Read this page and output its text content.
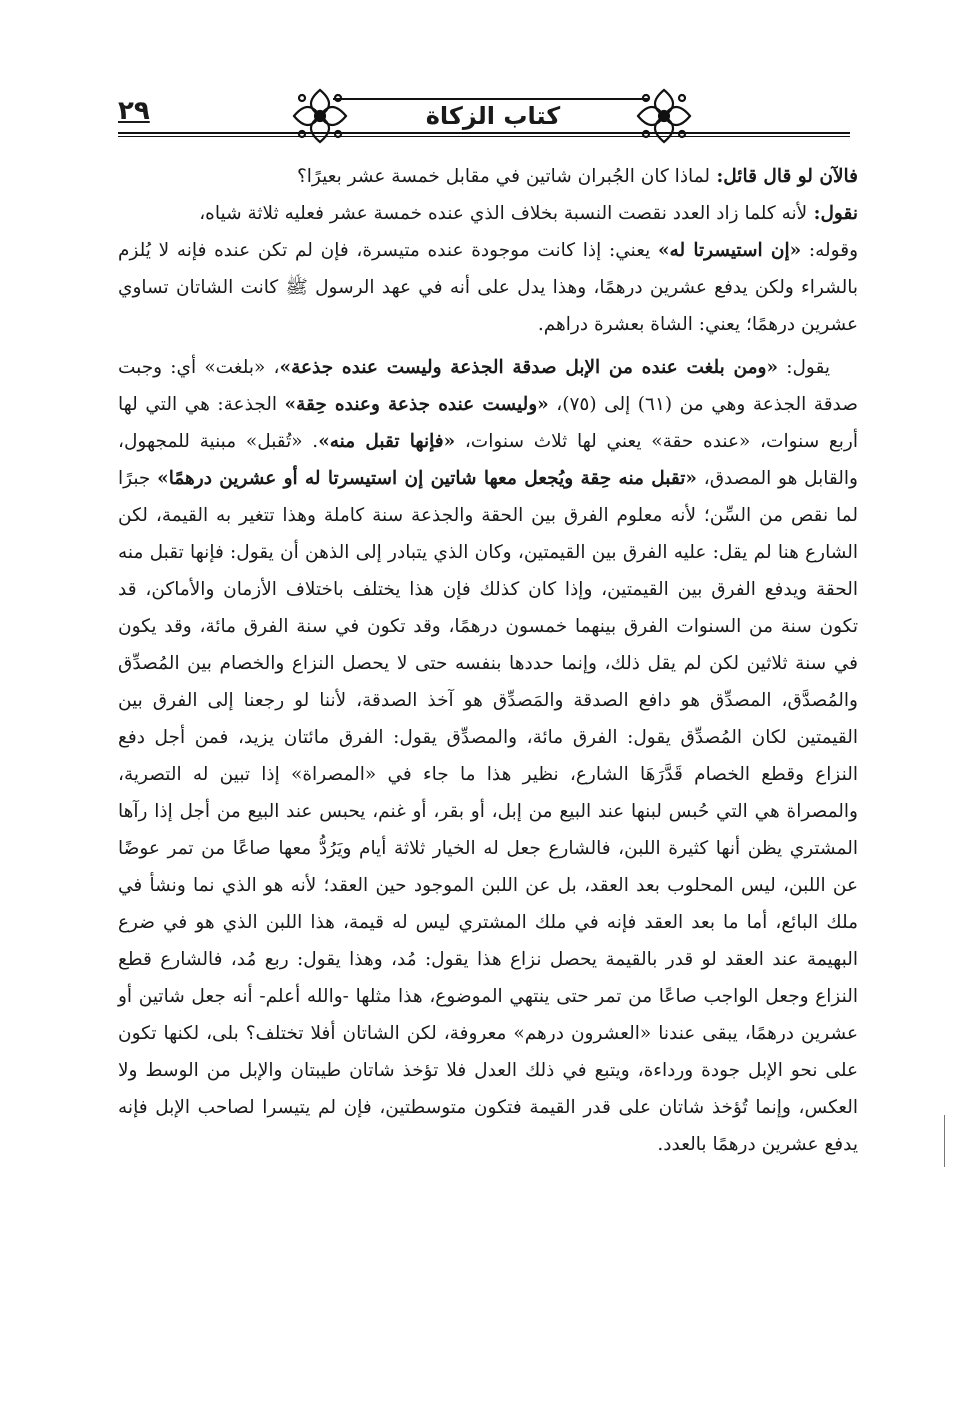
٢٩	كتاب الزكاة

فالآن لو قال قائل: لماذا كان الجُبران شاتين في مقابل خمسة عشر بعيرًا؟

نقول: لأنه كلما زاد العدد نقصت النسبة بخلاف الذي عنده خمسة عشر فعليه ثلاثة شياه،

وقوله: «إن استيسرتا له» يعني: إذا كانت موجودة عنده متيسرة، فإن لم تكن عنده فإنه لا يُلزم بالشراء ولكن يدفع عشرين درهمًا، وهذا يدل على أنه في عهد الرسول ﷺ كانت الشاتان تساوي عشرين درهمًا؛ يعني: الشاة بعشرة دراهم.

يقول: «ومن بلغت عنده من الإبل صدقة الجذعة وليست عنده جذعة»، «بلغت» أي: وجبت صدقة الجذعة وهي من (٦١) إلى (٧٥)، «وليست عنده جذعة وعنده حِقة» الجذعة: هي التي لها أربع سنوات، «عنده حقة» يعني لها ثلاث سنوات، «فإنها تقبل منه». «تُقبل» مبنية للمجهول، والقابل هو المصدق، «تقبل منه حِقة ويُجعل معها شاتين إن استيسرتا له أو عشرين درهمًا» جبرًا لما نقص من السِّن؛ لأنه معلوم الفرق بين الحقة والجذعة سنة كاملة وهذا تتغير به القيمة، لكن الشارع هنا لم يقل: عليه الفرق بين القيمتين، وكان الذي يتبادر إلى الذهن أن يقول: فإنها تقبل منه الحقة ويدفع الفرق بين القيمتين، وإذا كان كذلك فإن هذا يختلف باختلاف الأزمان والأماكن، قد تكون سنة من السنوات الفرق بينهما خمسون درهمًا، وقد تكون في سنة الفرق مائة، وقد يكون في سنة ثلاثين لكن لم يقل ذلك، وإنما حددها بنفسه حتى لا يحصل النزاع والخصام بين المُصدِّق والمُصدَّق، المصدِّق هو دافع الصدقة والمَصدِّق هو آخذ الصدقة، لأننا لو رجعنا إلى الفرق بين القيمتين لكان المُصدِّق يقول: الفرق مائة، والمصدِّق يقول: الفرق مائتان يزيد، فمن أجل دفع النزاع وقطع الخصام قَدَّرَهَا الشارع، نظير هذا ما جاء في «المصراة» إذا تبين له التصرية، والمصراة هي التي حُبس لبنها عند البيع من إبل، أو بقر، أو غنم، يحبس عند البيع من أجل إذا رآها المشتري يظن أنها كثيرة اللبن، فالشارع جعل له الخيار ثلاثة أيام ويَرُدُّ معها صاعًا من تمر عوضًا عن اللبن، ليس المحلوب بعد العقد، بل عن اللبن الموجود حين العقد؛ لأنه هو الذي نما ونشأ في ملك البائع، أما ما بعد العقد فإنه في ملك المشتري ليس له قيمة، هذا اللبن الذي هو في ضرع البهيمة عند العقد لو قدر بالقيمة يحصل نزاع هذا يقول: مُد، وهذا يقول: ربع مُد، فالشارع قطع النزاع وجعل الواجب صاعًا من تمر حتى ينتهي الموضوع، هذا مثلها -والله أعلم- أنه جعل شاتين أو عشرين درهمًا، يبقى عندنا «العشرون درهم» معروفة، لكن الشاتان أفلا تختلف؟ بلى، لكنها تكون على نحو الإبل جودة ورداءة، ويتبع في ذلك العدل فلا تؤخذ شاتان طيبتان والإبل من الوسط ولا العكس، وإنما تُؤخذ شاتان على قدر القيمة فتكون متوسطتين، فإن لم يتيسرا لصاحب الإبل فإنه يدفع عشرين درهمًا بالعدد.
